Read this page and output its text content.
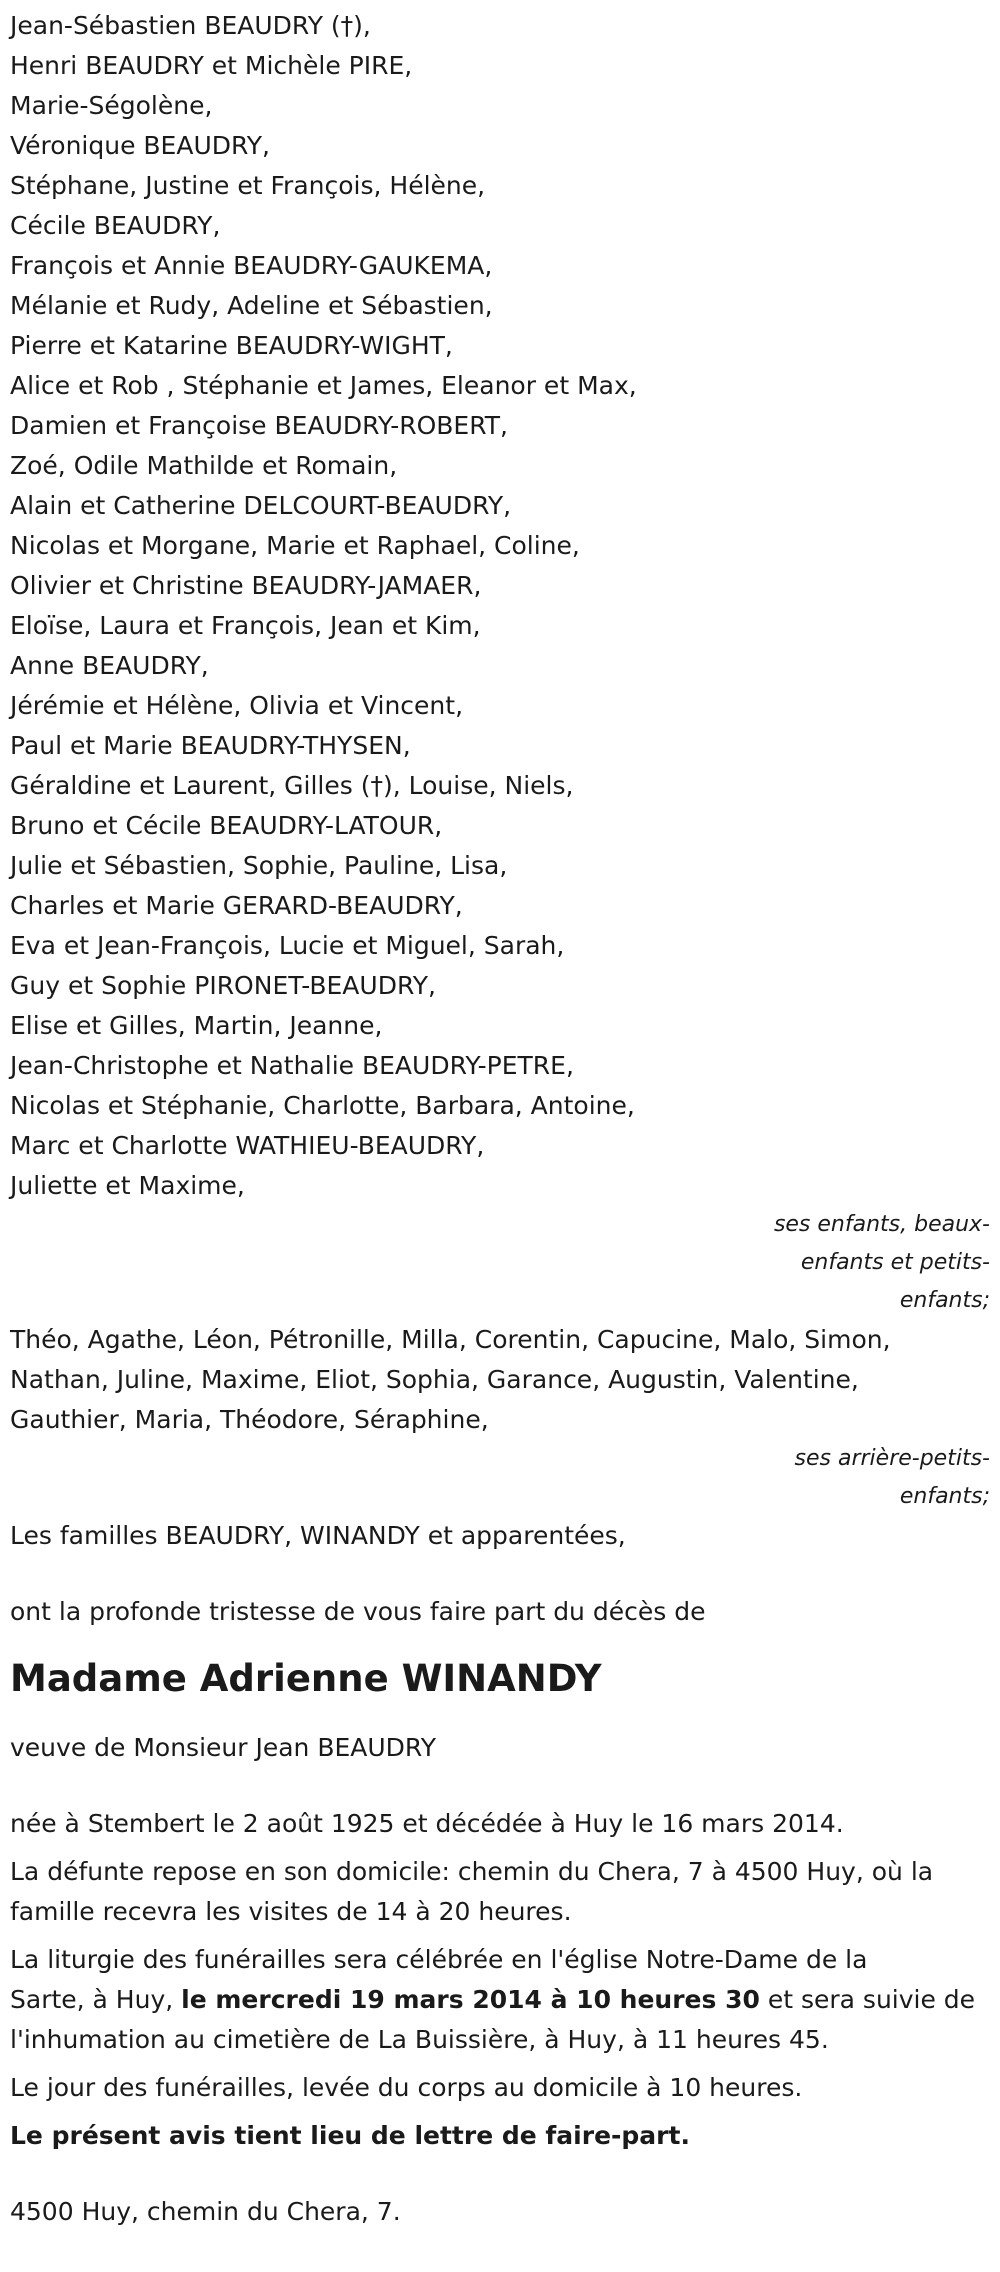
Jean-Sébastien BEAUDRY (†),
Henri BEAUDRY et Michèle PIRE,
Marie-Ségolène,
Véronique BEAUDRY,
Stéphane, Justine et François, Hélène,
Cécile BEAUDRY,
François et Annie BEAUDRY-GAUKEMA,
Mélanie et Rudy, Adeline et Sébastien,
Pierre et Katarine BEAUDRY-WIGHT,
Alice et Rob , Stéphanie et James, Eleanor et Max,
Damien et Françoise BEAUDRY-ROBERT,
Zoé, Odile Mathilde et Romain,
Alain et Catherine DELCOURT-BEAUDRY,
Nicolas et Morgane, Marie et Raphael, Coline,
Olivier et Christine BEAUDRY-JAMAER,
Eloïse, Laura et François, Jean et Kim,
Anne BEAUDRY,
Jérémie et Hélène, Olivia et Vincent,
Paul et Marie BEAUDRY-THYSEN,
Géraldine et Laurent, Gilles (†), Louise, Niels,
Bruno et Cécile BEAUDRY-LATOUR,
Julie et Sébastien, Sophie, Pauline, Lisa,
Charles et Marie GERARD-BEAUDRY,
Eva et Jean-François, Lucie et Miguel, Sarah,
Guy et Sophie PIRONET-BEAUDRY,
Elise et Gilles, Martin, Jeanne,
Jean-Christophe et Nathalie BEAUDRY-PETRE,
Nicolas et Stéphanie, Charlotte, Barbara, Antoine,
Marc et Charlotte WATHIEU-BEAUDRY,
Juliette et Maxime,
ses enfants, beaux-
enfants et petits-
enfants;
Théo, Agathe, Léon, Pétronille, Milla, Corentin, Capucine, Malo, Simon,
Nathan, Juline, Maxime, Eliot, Sophia, Garance, Augustin, Valentine,
Gauthier, Maria, Théodore, Séraphine,
ses arrière-petits-
enfants;
Les familles BEAUDRY, WINANDY et apparentées,
ont la profonde tristesse de vous faire part du décès de
Madame Adrienne WINANDY
veuve de Monsieur Jean BEAUDRY

née à Stembert le 2 août 1925 et décédée à Huy le 16 mars 2014.

La défunte repose en son domicile: chemin du Chera, 7 à 4500 Huy, où la
famille recevra les visites de 14 à 20 heures.

La liturgie des funérailles sera célébrée en l'église Notre-Dame de la
Sarte, à Huy, le mercredi 19 mars 2014 à 10 heures 30 et sera suivie de
l'inhumation au cimetière de La Buissière, à Huy, à 11 heures 45.

Le jour des funérailles, levée du corps au domicile à 10 heures.

Le présent avis tient lieu de lettre de faire-part.

4500 Huy, chemin du Chera, 7.
